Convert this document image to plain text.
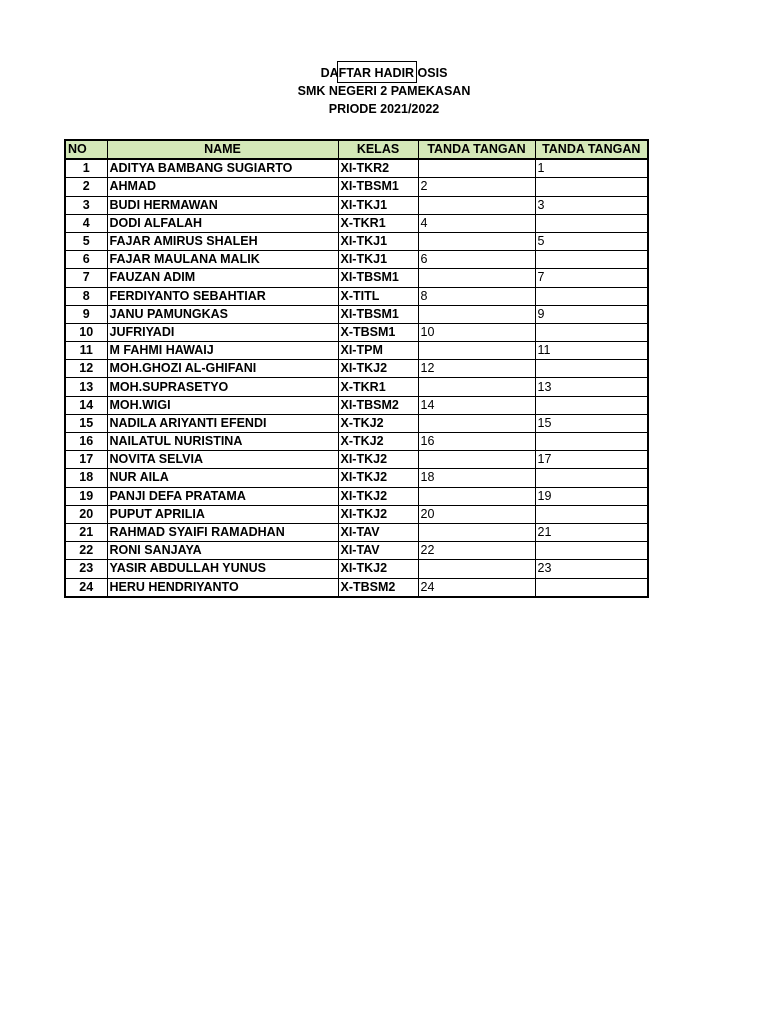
DAFTAR HADIR OSIS
SMK NEGERI 2 PAMEKASAN
PRIODE 2021/2022
NO	NAME	KELAS	TANDA TANGAN	TANDA TANGAN
1	ADITYA BAMBANG SUGIARTO	XI-TKR2		1
2	AHMAD	XI-TBSM1	2	
3	BUDI HERMAWAN	XI-TKJ1		3
4	DODI ALFALAH	X-TKR1	4	
5	FAJAR AMIRUS SHALEH	XI-TKJ1		5
6	FAJAR MAULANA MALIK	XI-TKJ1	6	
7	FAUZAN ADIM	XI-TBSM1		7
8	FERDIYANTO SEBAHTIAR	X-TITL	8	
9	JANU PAMUNGKAS	XI-TBSM1		9
10	JUFRIYADI	X-TBSM1	10	
11	M FAHMI HAWAIJ	XI-TPM		11
12	MOH.GHOZI AL-GHIFANI	XI-TKJ2	12	
13	MOH.SUPRASETYO	X-TKR1		13
14	MOH.WIGI	XI-TBSM2	14	
15	NADILA ARIYANTI EFENDI	X-TKJ2		15
16	NAILATUL NURISTINA	X-TKJ2	16	
17	NOVITA SELVIA	XI-TKJ2		17
18	NUR AILA	XI-TKJ2	18	
19	PANJI DEFA PRATAMA	XI-TKJ2		19
20	PUPUT APRILIA	XI-TKJ2	20	
21	RAHMAD SYAIFI RAMADHAN	XI-TAV		21
22	RONI SANJAYA	XI-TAV	22	
23	YASIR ABDULLAH YUNUS	XI-TKJ2		23
24	HERU HENDRIYANTO	X-TBSM2	24	
